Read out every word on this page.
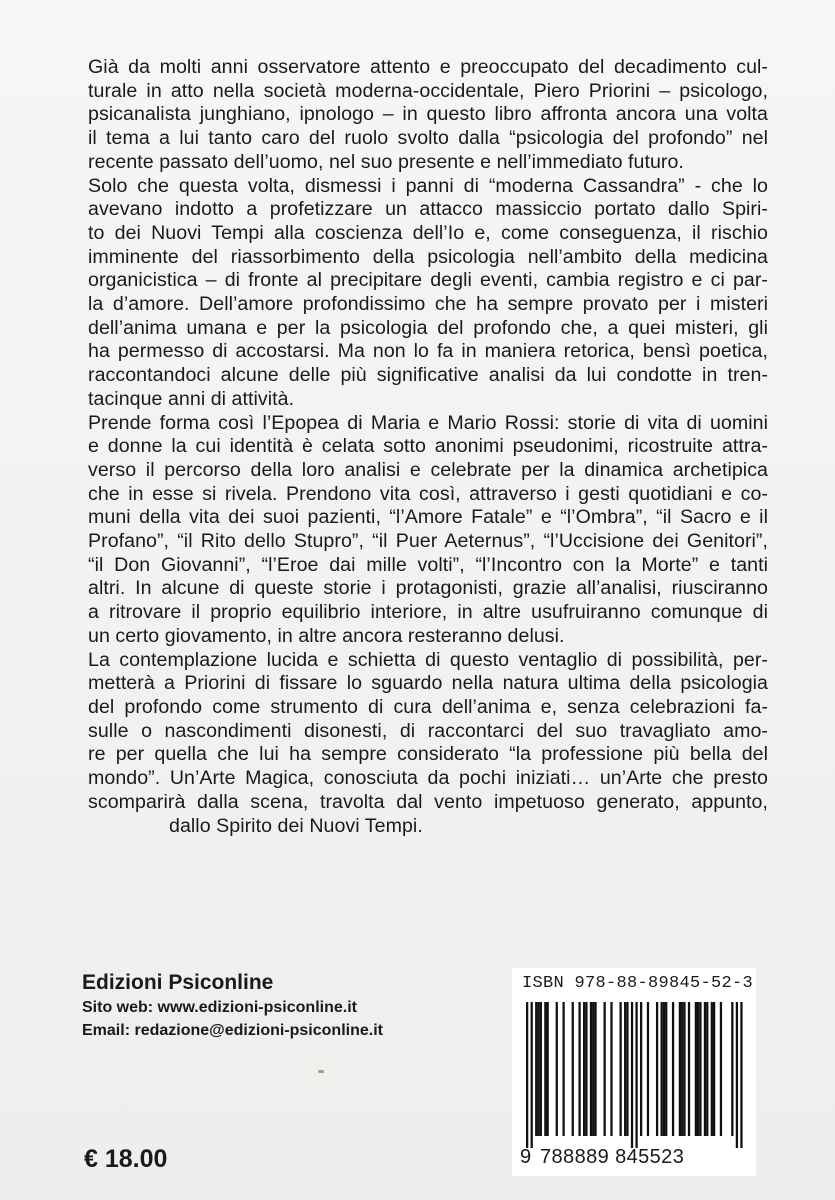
Già da molti anni osservatore attento e preoccupato del decadimento cul-
turale in atto nella società moderna-occidentale, Piero Priorini – psicologo,
psicanalista junghiano, ipnologo – in questo libro affronta ancora una volta
il tema a lui tanto caro del ruolo svolto dalla “psicologia del profondo” nel
recente passato dell’uomo, nel suo presente e nell’immediato futuro.
Solo che questa volta, dismessi i panni di “moderna Cassandra” - che lo
avevano indotto a profetizzare un attacco massiccio portato dallo Spiri-
to dei Nuovi Tempi alla coscienza dell’Io e, come conseguenza, il rischio
imminente del riassorbimento della psicologia nell’ambito della medicina
organicistica – di fronte al precipitare degli eventi, cambia registro e ci par-
la d’amore. Dell’amore profondissimo che ha sempre provato per i misteri
dell’anima umana e per la psicologia del profondo che, a quei misteri, gli
ha permesso di accostarsi. Ma non lo fa in maniera retorica, bensì poetica,
raccontandoci alcune delle più significative analisi da lui condotte in tren-
tacinque anni di attività.
Prende forma così l’Epopea di Maria e Mario Rossi: storie di vita di uomini
e donne la cui identità è celata sotto anonimi pseudonimi, ricostruite attra-
verso il percorso della loro analisi e celebrate per la dinamica archetipica
che in esse si rivela. Prendono vita così, attraverso i gesti quotidiani e co-
muni della vita dei suoi pazienti, “l’Amore Fatale” e “l’Ombra”, “il Sacro e il
Profano”, “il Rito dello Stupro”, “il Puer Aeternus”, “l’Uccisione dei Genitori”,
“il Don Giovanni”, “l’Eroe dai mille volti”, “l’Incontro con la Morte” e tanti
altri. In alcune di queste storie i protagonisti, grazie all’analisi, riusciranno
a ritrovare il proprio equilibrio interiore, in altre usufruiranno comunque di
un certo giovamento, in altre ancora resteranno delusi.
La contemplazione lucida e schietta di questo ventaglio di possibilità, per-
metterà a Priorini di fissare lo sguardo nella natura ultima della psicologia
del profondo come strumento di cura dell’anima e, senza celebrazioni fa-
sulle o nascondimenti disonesti, di raccontarci del suo travagliato amo-
re per quella che lui ha sempre considerato “la professione più bella del
mondo”. Un’Arte Magica, conosciuta da pochi iniziati… un’Arte che presto
scomparirà dalla scena, travolta dal vento impetuoso generato, appunto,
dallo Spirito dei Nuovi Tempi.
Edizioni Psiconline
Sito web: www.edizioni-psiconline.it
Email: redazione@edizioni-psiconline.it
€ 18.00
ISBN 978-88-89845-52-3
9 788889 845523
